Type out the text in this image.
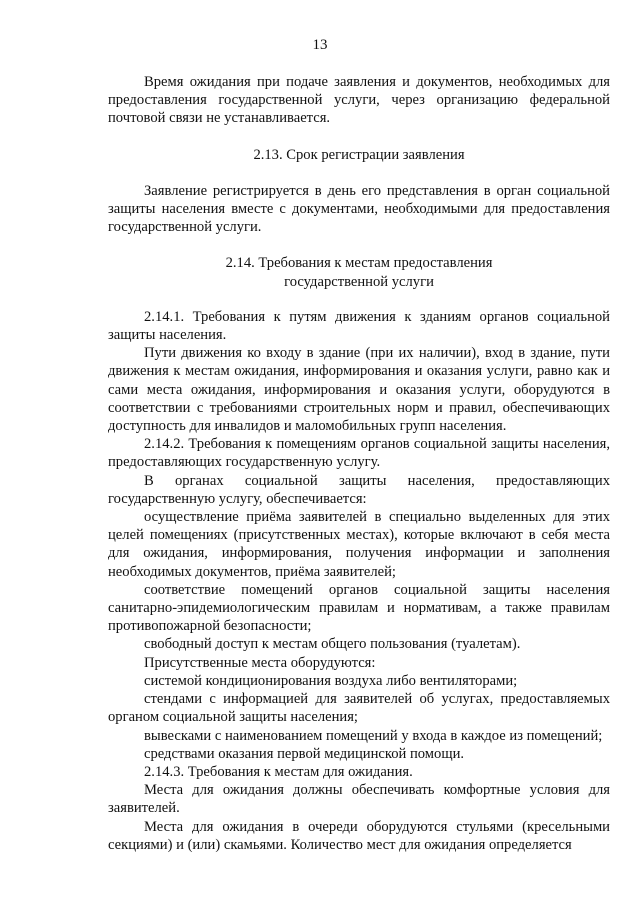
13

Время ожидания при подаче заявления и документов, необходимых для предоставления государственной услуги, через организацию федеральной почтовой связи не устанавливается.

2.13. Срок регистрации заявления

Заявление регистрируется в день его представления в орган социальной защиты населения вместе с документами, необходимыми для предоставления государственной услуги.

2.14. Требования к местам предоставления

государственной услуги

2.14.1. Требования к путям движения к зданиям органов социальной защиты населения.

Пути движения ко входу в здание (при их наличии), вход в здание, пути движения к местам ожидания, информирования и оказания услуги, равно как и сами места ожидания, информирования и оказания услуги, оборудуются в соответствии с требованиями строительных норм и правил, обеспечивающих доступность для инвалидов и маломобильных групп населения.

2.14.2. Требования к помещениям органов социальной защиты населения, предоставляющих государственную услугу.

В органах социальной защиты населения, предоставляющих государственную услугу, обеспечивается:

осуществление приёма заявителей в специально выделенных для этих целей помещениях (присутственных местах), которые включают в себя места для ожидания, информирования, получения информации и заполнения необходимых документов, приёма заявителей;

соответствие помещений органов социальной защиты населения санитарно-эпидемиологическим правилам и нормативам, а также правилам противопожарной безопасности;

свободный доступ к местам общего пользования (туалетам).

Присутственные места оборудуются:

системой кондиционирования воздуха либо вентиляторами;

стендами с информацией для заявителей об услугах, предоставляемых органом социальной защиты населения;

вывесками с наименованием помещений у входа в каждое из помещений;

средствами оказания первой медицинской помощи.

2.14.3. Требования к местам для ожидания.

Места для ожидания должны обеспечивать комфортные условия для заявителей.

Места для ожидания в очереди оборудуются стульями (кресельными секциями) и (или) скамьями. Количество мест для ожидания определяется
